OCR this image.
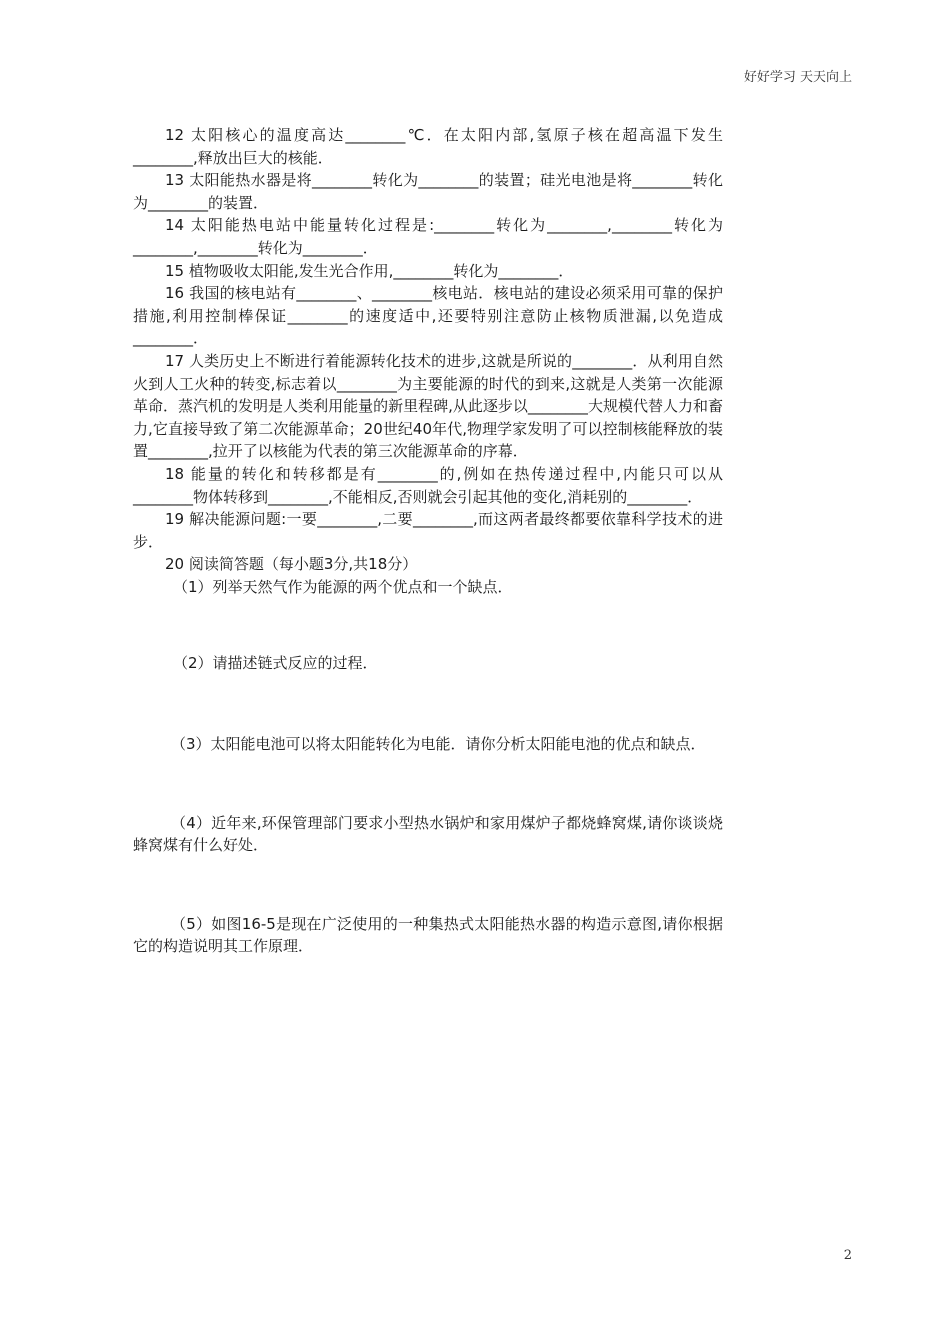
好好学习 天天向上

12 太阳核心的温度高达________℃．在太阳内部,氢原子核在超高温下发生________,释放出巨大的核能．

13 太阳能热水器是将________转化为________的装置；硅光电池是将________转化为________的装置．

14 太阳能热电站中能量转化过程是:________转化为________,________转化为________,________转化为________．

15 植物吸收太阳能,发生光合作用,________转化为________．

16 我国的核电站有________、________核电站．核电站的建设必须采用可靠的保护措施,利用控制棒保证________的速度适中,还要特别注意防止核物质泄漏,以免造成________．

17 人类历史上不断进行着能源转化技术的进步,这就是所说的________．从利用自然火到人工火种的转变,标志着以________为主要能源的时代的到来,这就是人类第一次能源革命．蒸汽机的发明是人类利用能量的新里程碑,从此逐步以________大规模代替人力和畜力,它直接导致了第二次能源革命；20世纪40年代,物理学家发明了可以控制核能释放的装置________,拉开了以核能为代表的第三次能源革命的序幕．

18 能量的转化和转移都是有________的,例如在热传递过程中,内能只可以从________物体转移到________,不能相反,否则就会引起其他的变化,消耗别的________．

19 解决能源问题:一要________,二要________,而这两者最终都要依靠科学技术的进步．

20 阅读简答题（每小题3分,共18分）

（1）列举天然气作为能源的两个优点和一个缺点．

（2）请描述链式反应的过程．

（3）太阳能电池可以将太阳能转化为电能．请你分析太阳能电池的优点和缺点．

（4）近年来,环保管理部门要求小型热水锅炉和家用煤炉子都烧蜂窝煤,请你谈谈烧蜂窝煤有什么好处．

（5）如图16-5是现在广泛使用的一种集热式太阳能热水器的构造示意图,请你根据它的构造说明其工作原理．

2
